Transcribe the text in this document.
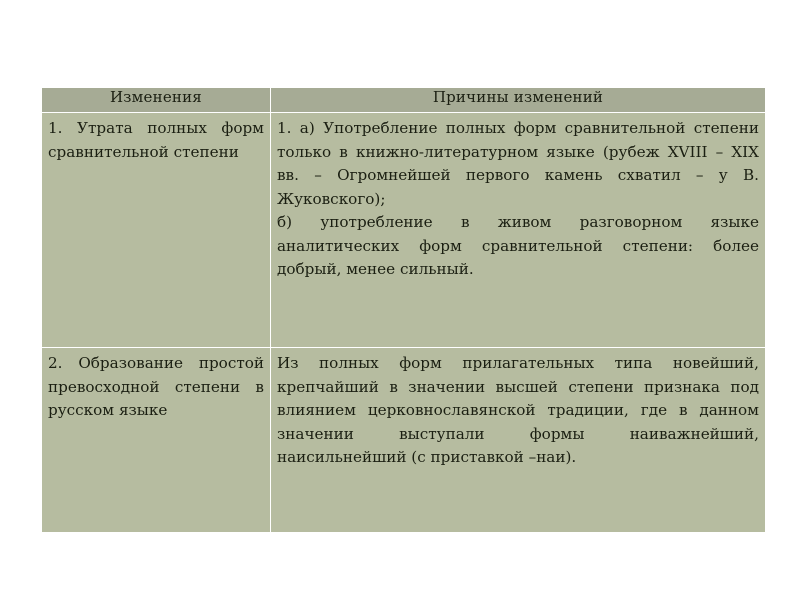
Изменения	Причины изменений

1. Утрата полных форм сравнительной степени	1. а) Употребление полных форм сравнительной степени только в книжно-литературном языке (рубеж XVIII – XIX вв. – Огромнейшей первого камень схватил – у В. Жуковского);
б) употребление в живом разговорном языке аналитических форм сравнительной степени: более добрый, менее сильный.

2. Образование простой превосходной степени в русском языке	Из полных форм прилагательных типа новейший, крепчайший в значении высшей степени признака под влиянием церковнославянской традиции, где в данном значении выступали формы наиважнейший, наисильнейший (с приставкой –наи).
